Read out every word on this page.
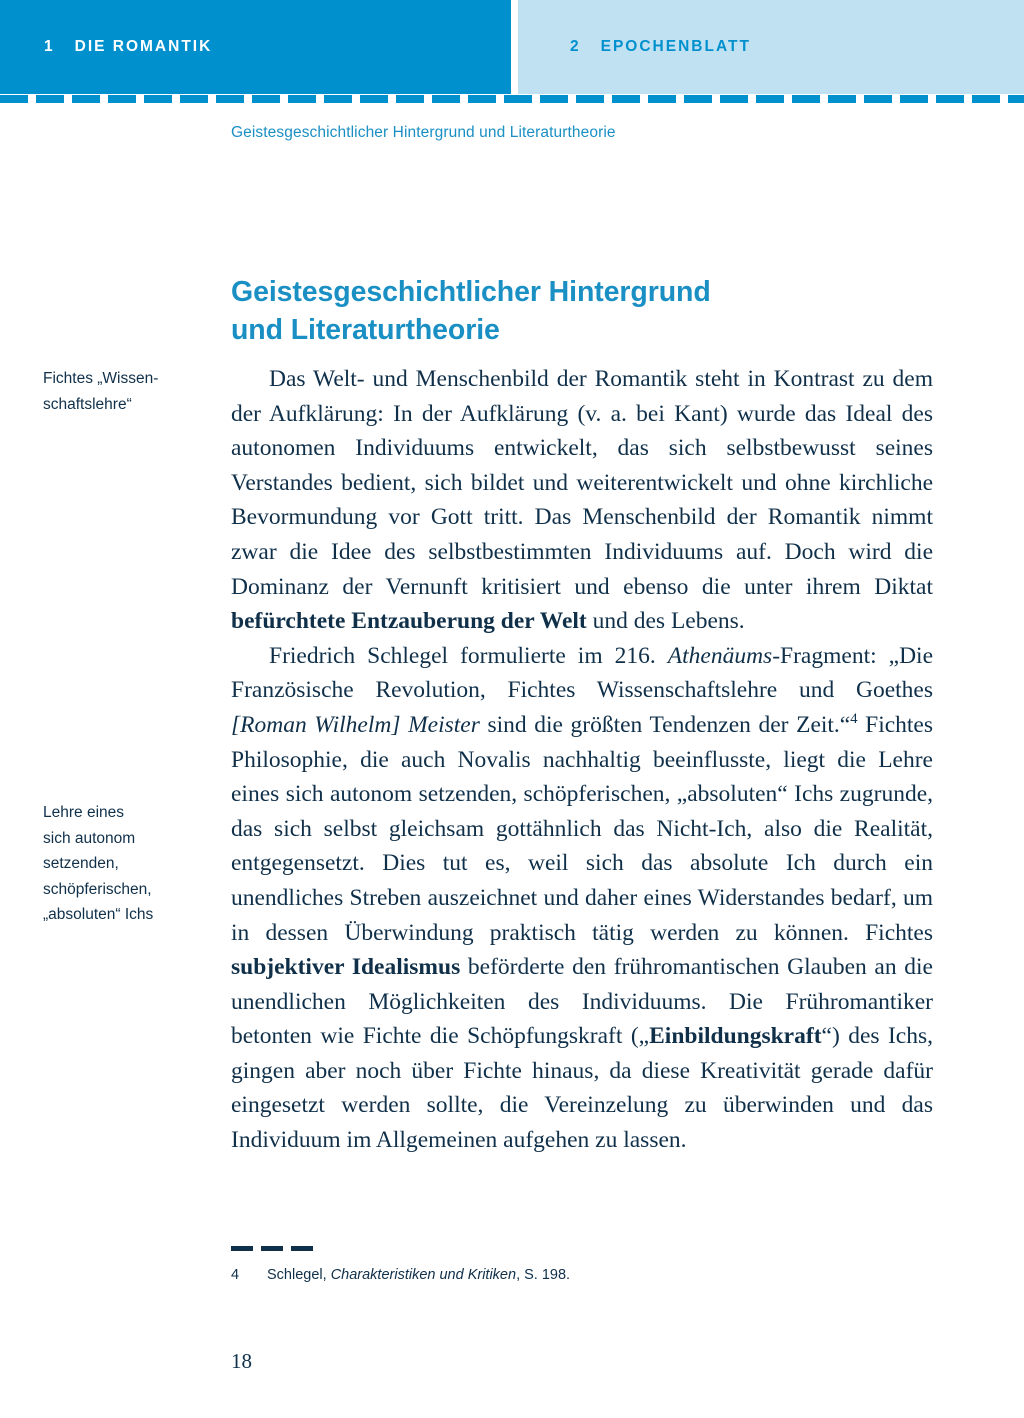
1 DIE ROMANTIK	2 EPOCHENBLATT
Geistesgeschichtlicher Hintergrund und Literaturtheorie
Geistesgeschichtlicher Hintergrund
und Literaturtheorie
Fichtes „Wissen-
schaftslehre“
Lehre eines
sich autonom
setzenden,
schöpferischen,
„absoluten“ Ichs

Das Welt- und Menschenbild der Romantik steht in Kontrast zu dem der Aufklärung: In der Aufklärung (v. a. bei Kant) wurde das Ideal des autonomen Individuums entwickelt, das sich selbstbewusst seines Verstandes bedient, sich bildet und weiterentwickelt und ohne kirchliche Bevormundung vor Gott tritt. Das Menschenbild der Romantik nimmt zwar die Idee des selbstbestimmten Individuums auf. Doch wird die Dominanz der Vernunft kritisiert und ebenso die unter ihrem Diktat befürchtete Entzauberung der Welt und des Lebens.

Friedrich Schlegel formulierte im 216. Athenäums-Fragment: „Die Französische Revolution, Fichtes Wissenschaftslehre und Goethes [Roman Wilhelm] Meister sind die größten Tendenzen der Zeit.“$^4$ Fichtes Philosophie, die auch Novalis nachhaltig beeinflusste, liegt die Lehre eines sich autonom setzenden, schöpferischen, „absoluten“ Ichs zugrunde, das sich selbst gleichsam gottähnlich das Nicht-Ich, also die Realität, entgegensetzt. Dies tut es, weil sich das absolute Ich durch ein unendliches Streben auszeichnet und daher eines Widerstandes bedarf, um in dessen Überwindung praktisch tätig werden zu können. Fichtes subjektiver Idealismus beförderte den frühromantischen Glauben an die unendlichen Möglichkeiten des Individuums. Die Frühromantiker betonten wie Fichte die Schöpfungskraft („Einbildungskraft“) des Ichs, gingen aber noch über Fichte hinaus, da diese Kreativität gerade dafür eingesetzt werden sollte, die Vereinzelung zu überwinden und das Individuum im Allgemeinen aufgehen zu lassen.

4	Schlegel, Charakteristiken und Kritiken, S. 198.
18
